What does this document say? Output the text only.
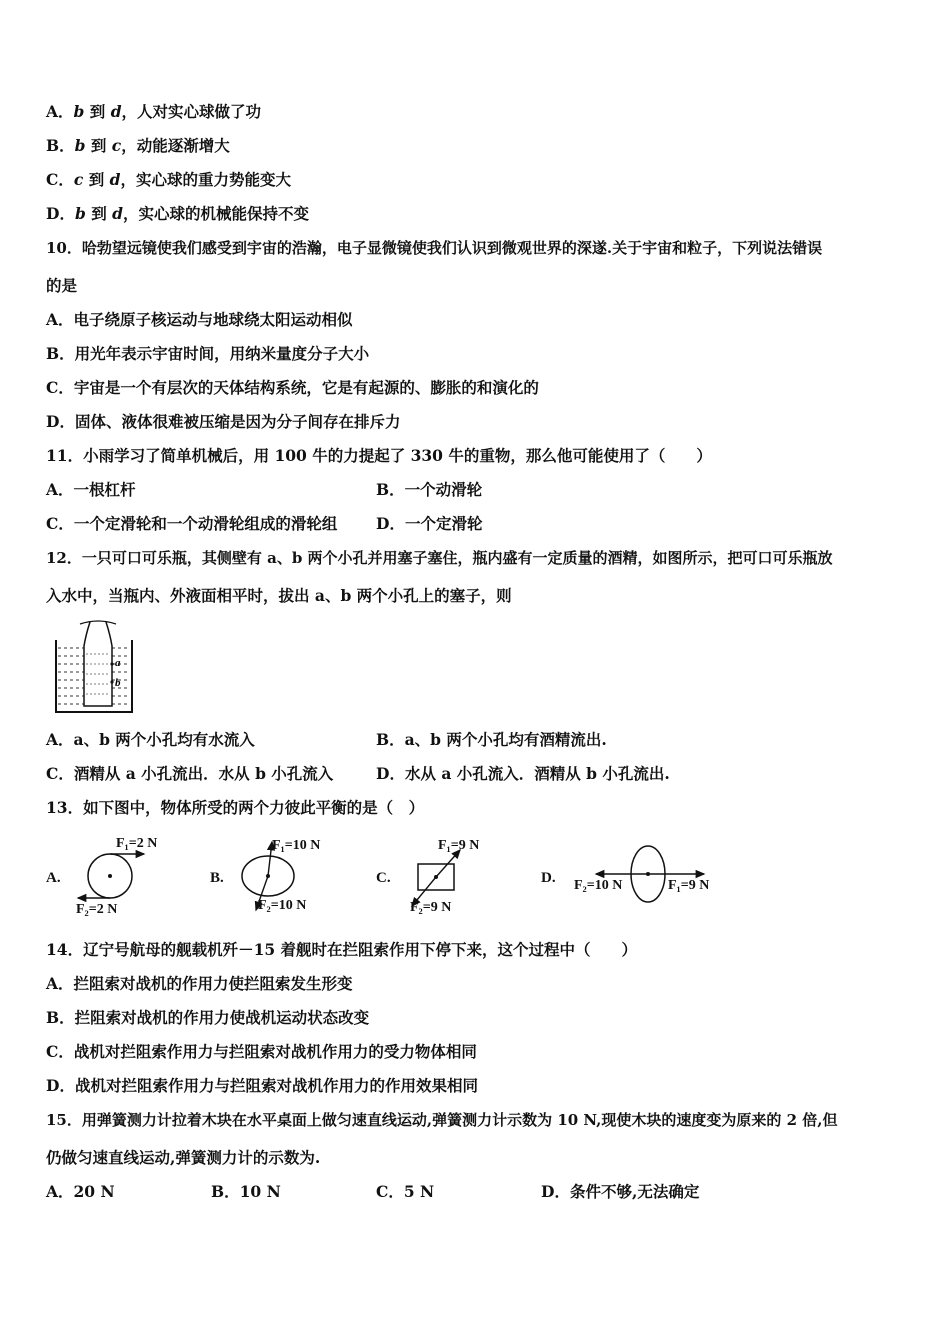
A．b 到 d，人对实心球做了功
B．b 到 c，动能逐渐增大
C．c 到 d，实心球的重力势能变大
D．b 到 d，实心球的机械能保持不变
10．哈勃望远镜使我们感受到宇宙的浩瀚，电子显微镜使我们认识到微观世界的深遂.关于宇宙和粒子，下列说法错误
的是
A．电子绕原子核运动与地球绕太阳运动相似
B．用光年表示宇宙时间，用纳米量度分子大小
C．宇宙是一个有层次的天体结构系统，它是有起源的、膨胀的和演化的
D．固体、液体很难被压缩是因为分子间存在排斥力
11．小雨学习了简单机械后，用 100 牛的力提起了 330 牛的重物，那么他可能使用了（　　）
A．一根杠杆	B．一个动滑轮
C．一个定滑轮和一个动滑轮组成的滑轮组 D．一个定滑轮
12．一只可口可乐瓶，其侧壁有 a、b 两个小孔并用塞子塞住，瓶内盛有一定质量的酒精，如图所示，把可口可乐瓶放
入水中，当瓶内、外液面相平时，拔出 a、b 两个小孔上的塞子，则
a
b
A．a、b 两个小孔均有水流入	B．a、b 两个小孔均有酒精流出.
C．酒精从 a 小孔流出．水从 b 小孔流入	D．水从 a 小孔流入．酒精从 b 小孔流出.
13．如下图中，物体所受的两个力彼此平衡的是（　）
A.
F₁=2 N
F₂=2 N
B.
F₁=10 N
F₂=10 N
C.
F₁=9 N
F₂=9 N
D.	F₁=9 N
F₂=10 N
14．辽宁号航母的舰载机歼－15 着舰时在拦阻索作用下停下来，这个过程中（　　）
A．拦阻索对战机的作用力使拦阻索发生形变
B．拦阻索对战机的作用力使战机运动状态改变
C．战机对拦阻索作用力与拦阻索对战机作用力的受力物体相同
D．战机对拦阻索作用力与拦阻索对战机作用力的作用效果相同
15．用弹簧测力计拉着木块在水平桌面上做匀速直线运动,弹簧测力计示数为 10 N,现使木块的速度变为原来的 2 倍,但
仍做匀速直线运动,弹簧测力计的示数为.
A．20 N	B．10 N	C．5 N	D．条件不够,无法确定
